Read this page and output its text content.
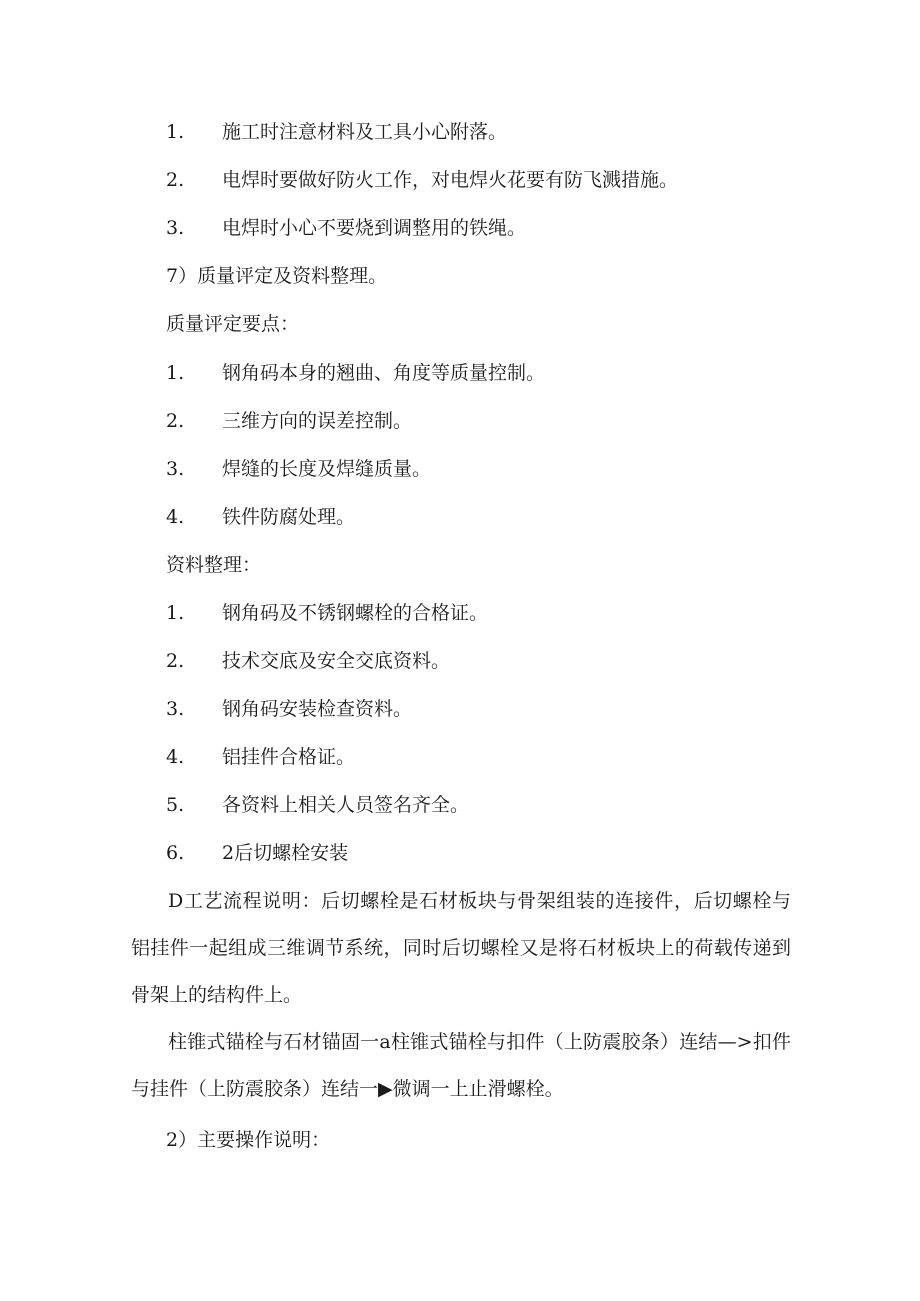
1. 施工时注意材料及工具小心附落。
2. 电焊时要做好防火工作，对电焊火花要有防飞溅措施。
3. 电焊时小心不要烧到调整用的铁绳。
7）质量评定及资料整理。
质量评定要点：
1. 钢角码本身的翘曲、角度等质量控制。
2. 三维方向的误差控制。
3. 焊缝的长度及焊缝质量。
4. 铁件防腐处理。
资料整理：
1. 钢角码及不锈钢螺栓的合格证。
2. 技术交底及安全交底资料。
3. 钢角码安装检查资料。
4. 铝挂件合格证。
5. 各资料上相关人员签名齐全。
6. 2后切螺栓安装
D工艺流程说明：后切螺栓是石材板块与骨架组装的连接件，后切螺栓与铝挂件一起组成三维调节系统，同时后切螺栓又是将石材板块上的荷载传递到骨架上的结构件上。
柱锥式锚栓与石材锚固一a柱锥式锚栓与扣件（上防震胶条）连结—>扣件与挂件（上防震胶条）连结一▶微调一上止滑螺栓。
2）主要操作说明：
